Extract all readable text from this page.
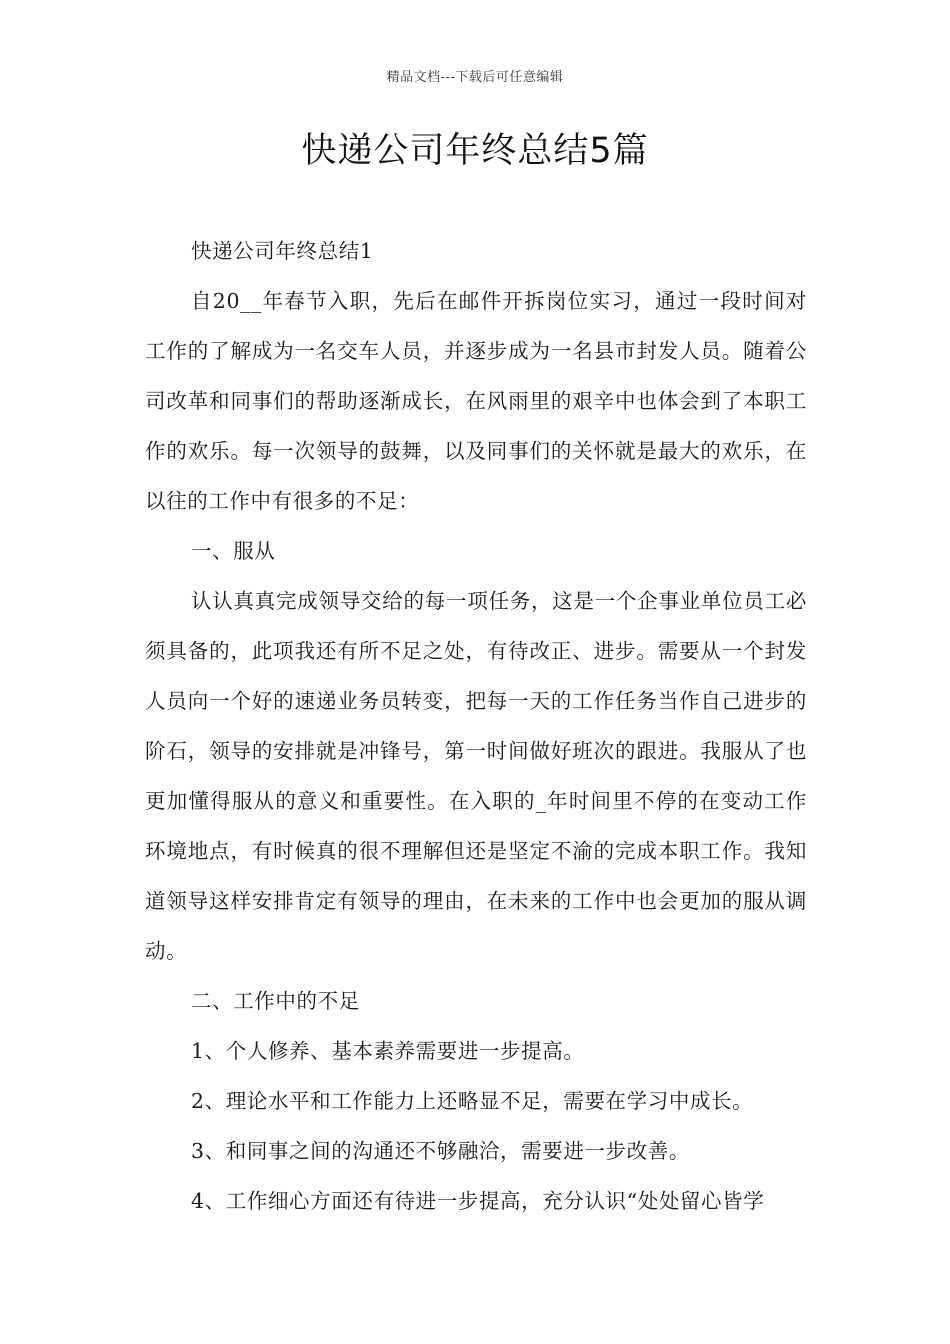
精品文档---下载后可任意编辑
快递公司年终总结5篇

快递公司年终总结1

自20__年春节入职，先后在邮件开拆岗位实习，通过一段时间对工作的了解成为一名交车人员，并逐步成为一名县市封发人员。随着公司改革和同事们的帮助逐渐成长，在风雨里的艰辛中也体会到了本职工作的欢乐。每一次领导的鼓舞，以及同事们的关怀就是最大的欢乐，在以往的工作中有很多的不足：

一、服从

认认真真完成领导交给的每一项任务，这是一个企事业单位员工必须具备的，此项我还有所不足之处，有待改正、进步。需要从一个封发人员向一个好的速递业务员转变，把每一天的工作任务当作自己进步的阶石，领导的安排就是冲锋号，第一时间做好班次的跟进。我服从了也更加懂得服从的意义和重要性。在入职的_年时间里不停的在变动工作环境地点，有时候真的很不理解但还是坚定不渝的完成本职工作。我知道领导这样安排肯定有领导的理由，在未来的工作中也会更加的服从调动。

二、工作中的不足

1、个人修养、基本素养需要进一步提高。

2、理论水平和工作能力上还略显不足，需要在学习中成长。

3、和同事之间的沟通还不够融洽，需要进一步改善。

4、工作细心方面还有待进一步提高，充分认识“处处留心皆学
